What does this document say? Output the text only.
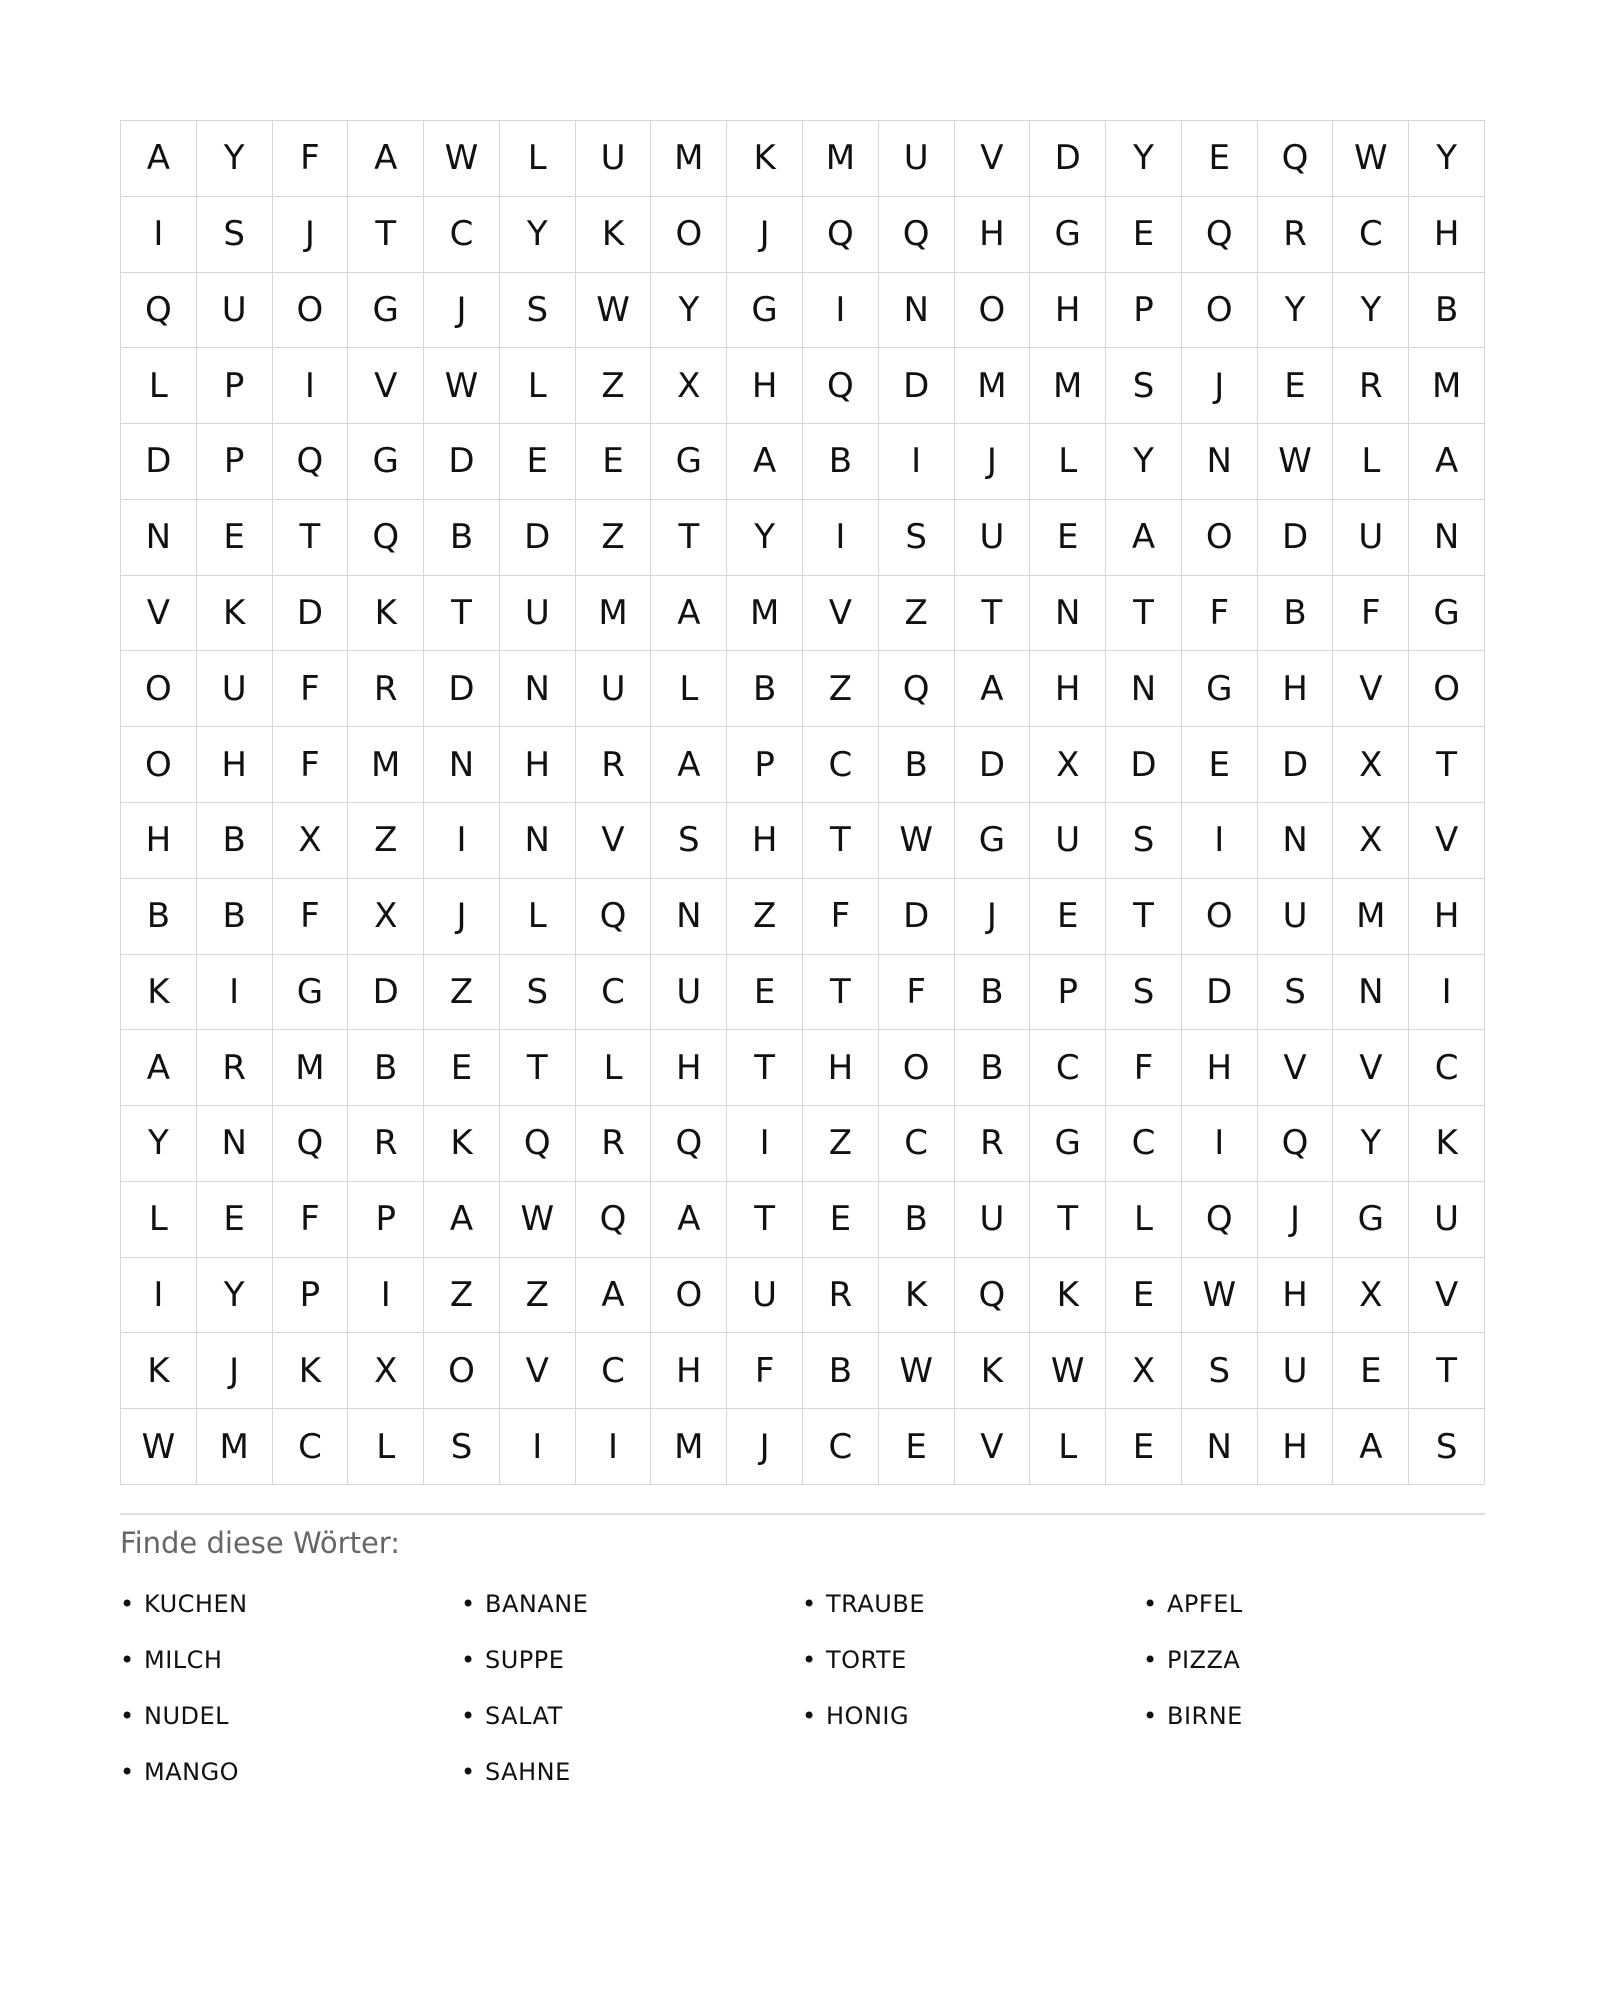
A	Y	F	A	W	L	U	M	K	M	U	V	D	Y	E	Q	W	Y
I	S	J	T	C	Y	K	O	J	Q	Q	H	G	E	Q	R	C	H
Q	U	O	G	J	S	W	Y	G	I	N	O	H	P	O	Y	Y	B
L	P	I	V	W	L	Z	X	H	Q	D	M	M	S	J	E	R	M
D	P	Q	G	D	E	E	G	A	B	I	J	L	Y	N	W	L	A
N	E	T	Q	B	D	Z	T	Y	I	S	U	E	A	O	D	U	N
V	K	D	K	T	U	M	A	M	V	Z	T	N	T	F	B	F	G
O	U	F	R	D	N	U	L	B	Z	Q	A	H	N	G	H	V	O
O	H	F	M	N	H	R	A	P	C	B	D	X	D	E	D	X	T
H	B	X	Z	I	N	V	S	H	T	W	G	U	S	I	N	X	V
B	B	F	X	J	L	Q	N	Z	F	D	J	E	T	O	U	M	H
K	I	G	D	Z	S	C	U	E	T	F	B	P	S	D	S	N	I
A	R	M	B	E	T	L	H	T	H	O	B	C	F	H	V	V	C
Y	N	Q	R	K	Q	R	Q	I	Z	C	R	G	C	I	Q	Y	K
L	E	F	P	A	W	Q	A	T	E	B	U	T	L	Q	J	G	U
I	Y	P	I	Z	Z	A	O	U	R	K	Q	K	E	W	H	X	V
K	J	K	X	O	V	C	H	F	B	W	K	W	X	S	U	E	T
W	M	C	L	S	I	I	M	J	C	E	V	L	E	N	H	A	S
Finde diese Wörter:
• KUCHEN	• BANANE	• TRAUBE	• APFEL
• MILCH	• SUPPE	• TORTE	• PIZZA
• NUDEL	• SALAT	• HONIG	• BIRNE
• MANGO	• SAHNE
